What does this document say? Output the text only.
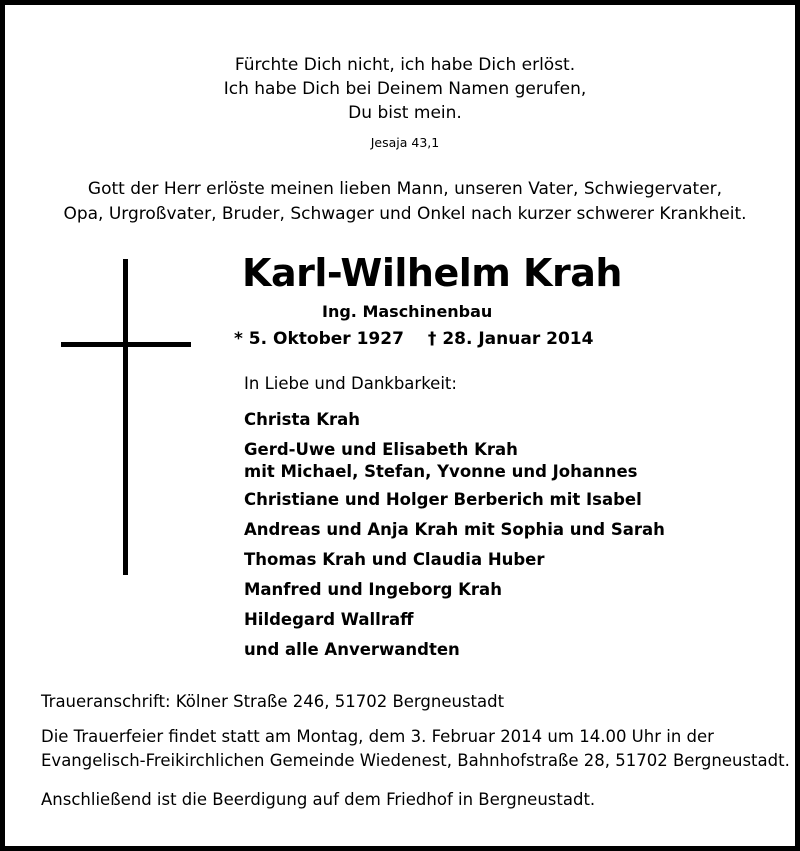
Fürchte Dich nicht, ich habe Dich erlöst.
Ich habe Dich bei Deinem Namen gerufen,
Du bist mein.
Jesaja 43,1
Gott der Herr erlöste meinen lieben Mann, unseren Vater, Schwiegervater,
Opa, Urgroßvater, Bruder, Schwager und Onkel nach kurzer schwerer Krankheit.
Karl-Wilhelm Krah
Ing. Maschinenbau
* 5. Oktober 1927 † 28. Januar 2014
In Liebe und Dankbarkeit:
Christa Krah
Gerd-Uwe und Elisabeth Krah
mit Michael, Stefan, Yvonne und Johannes
Christiane und Holger Berberich mit Isabel
Andreas und Anja Krah mit Sophia und Sarah
Thomas Krah und Claudia Huber
Manfred und Ingeborg Krah
Hildegard Wallraff
und alle Anverwandten
Traueranschrift: Kölner Straße 246, 51702 Bergneustadt
Die Trauerfeier findet statt am Montag, dem 3. Februar 2014 um 14.00 Uhr in der
Evangelisch-Freikirchlichen Gemeinde Wiedenest, Bahnhofstraße 28, 51702 Bergneustadt.
Anschließend ist die Beerdigung auf dem Friedhof in Bergneustadt.
